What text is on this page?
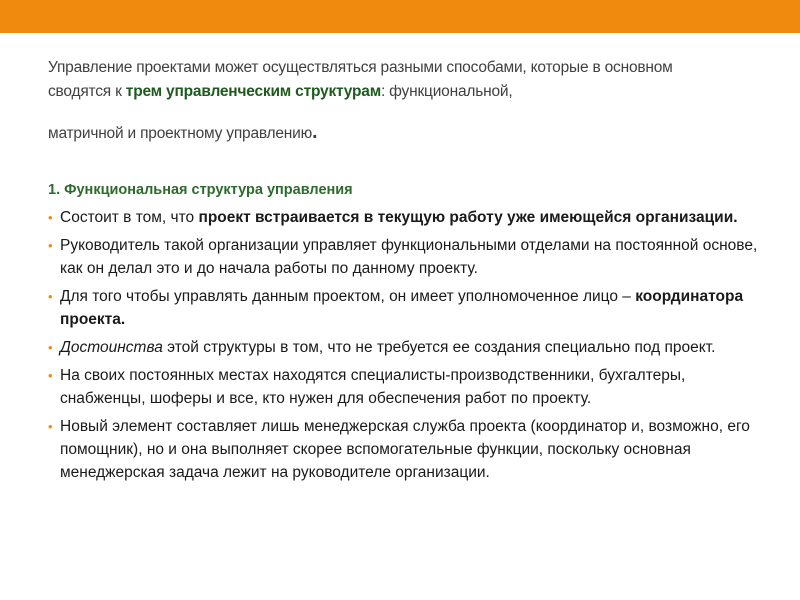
Управление проектами может осуществляться разными способами, которые в основном сводятся к трем управленческим структурам: функциональной,
матричной и проектному управлению.
1. Функциональная структура управления
• Состоит в том, что проект встраивается в текущую работу уже имеющейся организации.
• Руководитель такой организации управляет функциональными отделами на постоянной основе, как он делал это и до начала работы по данному проекту.
• Для того чтобы управлять данным проектом, он имеет уполномоченное лицо – координатора проекта.
• Достоинства этой структуры в том, что не требуется ее создания специально под проект.
• На своих постоянных местах находятся специалисты-производственники, бухгалтеры, снабженцы, шоферы и все, кто нужен для обеспечения работ по проекту.
• Новый элемент составляет лишь менеджерская служба проекта (координатор и, возможно, его помощник), но и она выполняет скорее вспомогательные функции, поскольку основная менеджерская задача лежит на руководителе организации.
